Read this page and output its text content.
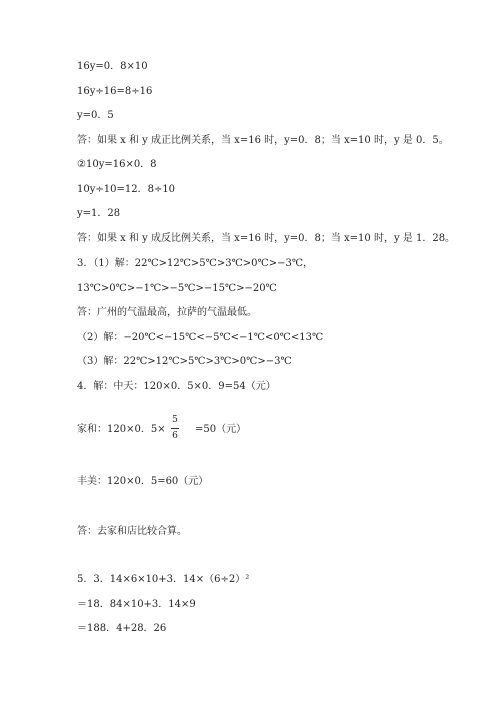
16y=0．8×10
16y÷16=8÷16
y=0．5
答：如果 x 和 y 成正比例关系，当 x=16 时，y=0．8；当 x=10 时，y 是 0．5。
②10y=16×0．8
10y÷10=12．8÷10
y=1．28
答：如果 x 和 y 成反比例关系，当 x=16 时，y=0．8；当 x=10 时，y 是 1．28。
3．（1）解：22℃>12℃>5℃>3℃>0℃>−3℃，
13℃>0℃>−1℃>−5℃>−15℃>−20℃
答：广州的气温最高，拉萨的气温最低。
（2）解：−20℃<−15℃<−5℃<−1℃<0℃<13℃
（3）解：22℃>12℃>5℃>3℃>0℃>−3℃
4．解：中天：120×0．5×0．9=54（元）
家和：120×0．5×
5
6
=50（元）
丰美：120×0．5=60（元）
答：去家和店比较合算。
5．3．14×6×10+3．14×（6÷2）²
＝18．84×10+3．14×9
＝188．4+28．26
